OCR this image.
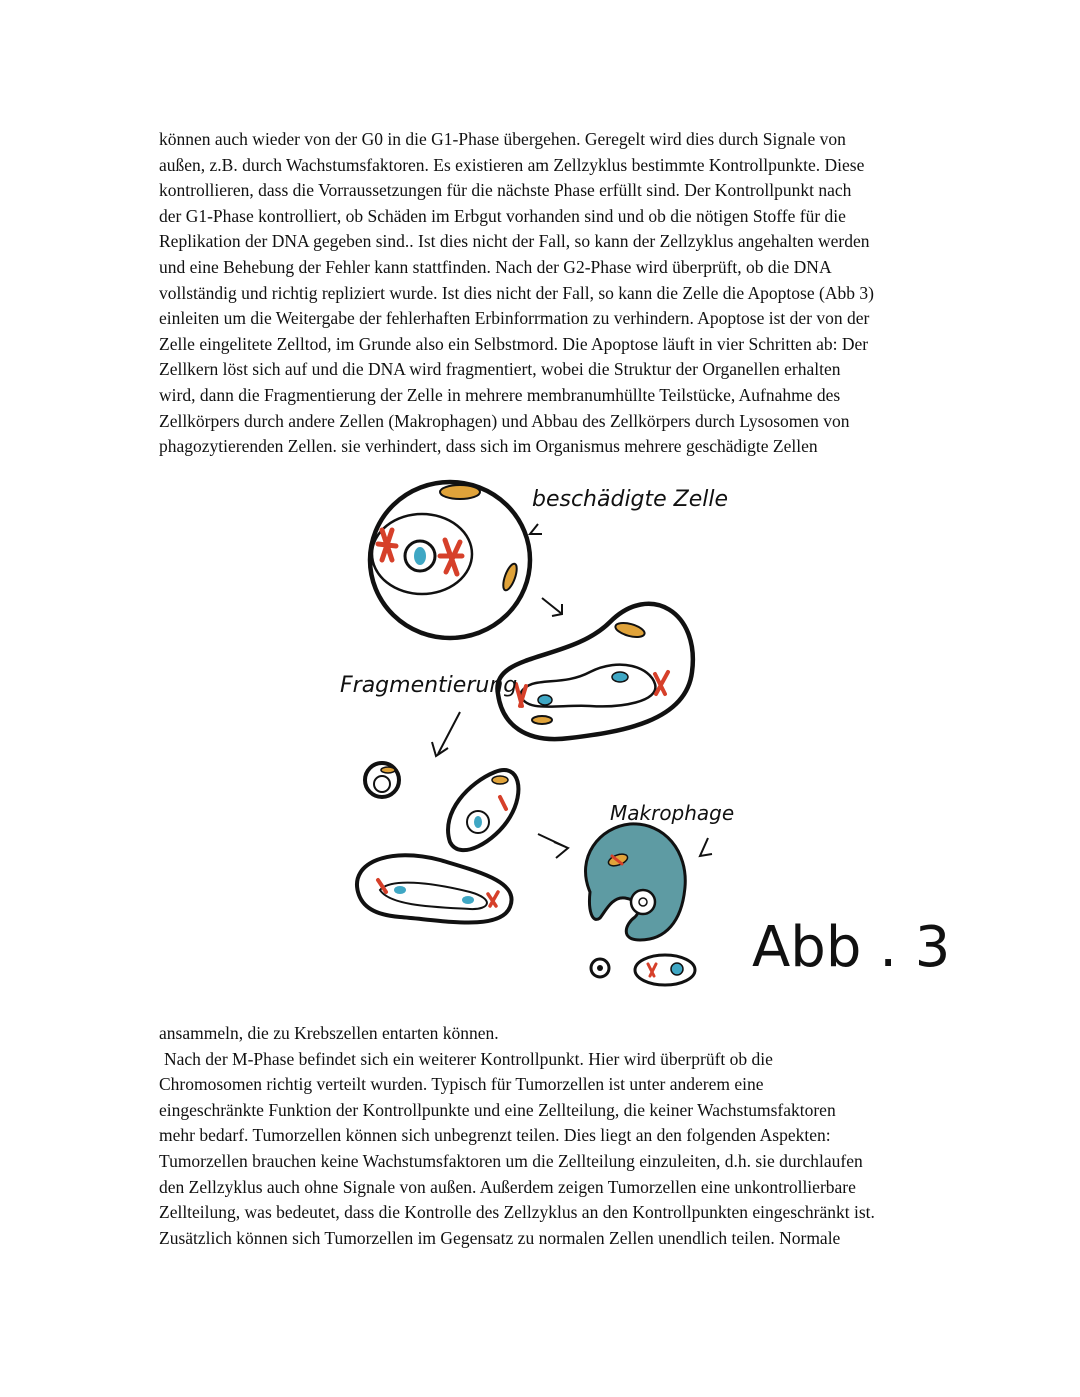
können auch wieder von der G0 in die G1-Phase übergehen. Geregelt wird dies durch Signale von
außen, z.B. durch Wachstumsfaktoren. Es existieren am Zellzyklus bestimmte Kontrollpunkte. Diese
kontrollieren, dass die Vorraussetzungen für die nächste Phase erfüllt sind. Der Kontrollpunkt nach
der G1-Phase kontrolliert, ob Schäden im Erbgut vorhanden sind und ob die nötigen Stoffe für die
Replikation der DNA gegeben sind.. Ist dies nicht der Fall, so kann der Zellzyklus angehalten werden
und eine Behebung der Fehler kann stattfinden. Nach der G2-Phase wird überprüft, ob die DNA
vollständig und richtig repliziert wurde. Ist dies nicht der Fall, so kann die Zelle die Apoptose (Abb 3)
einleiten um die Weitergabe der fehlerhaften Erbinforrmation zu verhindern. Apoptose ist der von der
Zelle eingelitete Zelltod, im Grunde also ein Selbstmord. Die Apoptose läuft in vier Schritten ab: Der
Zellkern löst sich auf und die DNA wird fragmentiert, wobei die Struktur der Organellen erhalten
wird, dann die Fragmentierung der Zelle in mehrere membranumhüllte Teilstücke, Aufnahme des
Zellkörpers durch andere Zellen (Makrophagen) und Abbau des Zellkörpers durch Lysosomen von
phagozytierenden Zellen. sie verhindert, dass sich im Organismus mehrere geschädigte Zellen

beschädigte Zelle
Fragmentierung
Makrophage
Abb . 3

ansammeln, die zu Krebszellen entarten können.
Nach der M-Phase befindet sich ein weiterer Kontrollpunkt. Hier wird überprüft ob die
Chromosomen richtig verteilt wurden. Typisch für Tumorzellen ist unter anderem eine
eingeschränkte Funktion der Kontrollpunkte und eine Zellteilung, die keiner Wachstumsfaktoren
mehr bedarf. Tumorzellen können sich unbegrenzt teilen. Dies liegt an den folgenden Aspekten:
Tumorzellen brauchen keine Wachstumsfaktoren um die Zellteilung einzuleiten, d.h. sie durchlaufen
den Zellzyklus auch ohne Signale von außen. Außerdem zeigen Tumorzellen eine unkontrollierbare
Zellteilung, was bedeutet, dass die Kontrolle des Zellzyklus an den Kontrollpunkten eingeschränkt ist.
Zusätzlich können sich Tumorzellen im Gegensatz zu normalen Zellen unendlich teilen. Normale
